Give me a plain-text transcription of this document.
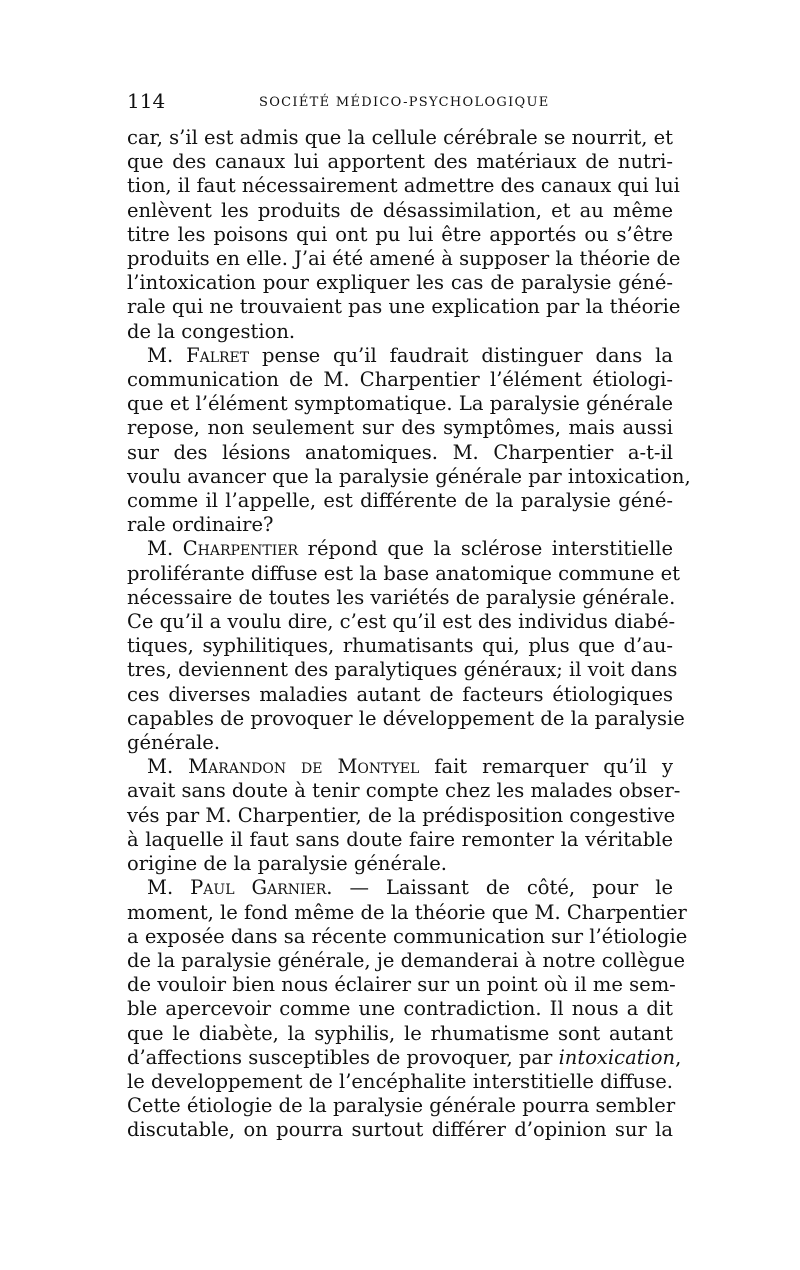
114	SOCIÉTÉ MÉDICO-PSYCHOLOGIQUE
car, s’il est admis que la cellule cérébrale se nourrit, et
que des canaux lui apportent des matériaux de nutri-
tion, il faut nécessairement admettre des canaux qui lui
enlèvent les produits de désassimilation, et au même
titre les poisons qui ont pu lui être apportés ou s’être
produits en elle. J’ai été amené à supposer la théorie de
l’intoxication pour expliquer les cas de paralysie géné-
rale qui ne trouvaient pas une explication par la théorie
de la congestion.
M. Falret pense qu’il faudrait distinguer dans la
communication de M. Charpentier l’élément étiologi-
que et l’élément symptomatique. La paralysie générale
repose, non seulement sur des symptômes, mais aussi
sur des lésions anatomiques. M. Charpentier a-t-il
voulu avancer que la paralysie générale par intoxication,
comme il l’appelle, est différente de la paralysie géné-
rale ordinaire?
M. Charpentier répond que la sclérose interstitielle
proliférante diffuse est la base anatomique commune et
nécessaire de toutes les variétés de paralysie générale.
Ce qu’il a voulu dire, c’est qu’il est des individus diabé-
tiques, syphilitiques, rhumatisants qui, plus que d’au-
tres, deviennent des paralytiques généraux; il voit dans
ces diverses maladies autant de facteurs étiologiques
capables de provoquer le développement de la paralysie
générale.
M. Marandon de Montyel fait remarquer qu’il y
avait sans doute à tenir compte chez les malades obser-
vés par M. Charpentier, de la prédisposition congestive
à laquelle il faut sans doute faire remonter la véritable
origine de la paralysie générale.
M. Paul Garnier. — Laissant de côté, pour le
moment, le fond même de la théorie que M. Charpentier
a exposée dans sa récente communication sur l’étiologie
de la paralysie générale, je demanderai à notre collègue
de vouloir bien nous éclairer sur un point où il me sem-
ble apercevoir comme une contradiction. Il nous a dit
que le diabète, la syphilis, le rhumatisme sont autant
d’affections susceptibles de provoquer, par intoxication,
le developpement de l’encéphalite interstitielle diffuse.
Cette étiologie de la paralysie générale pourra sembler
discutable, on pourra surtout différer d’opinion sur la
